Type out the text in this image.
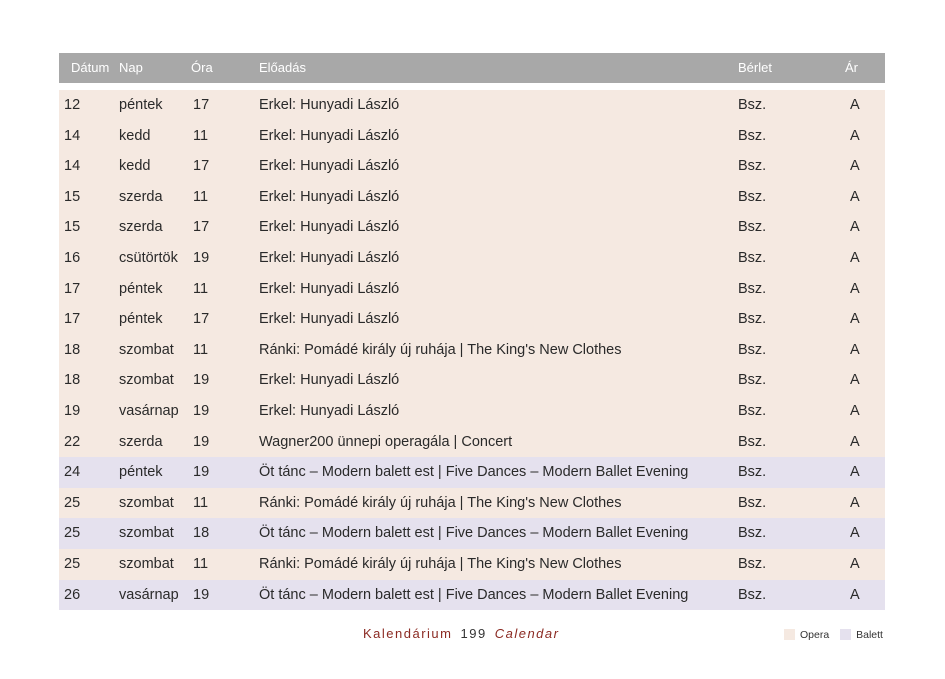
Dátum Nap	Óra	Előadás	Bérlet	Ár
12	péntek 17	Erkel: Hunyadi László	Bsz.	A
14	kedd	11	Erkel: Hunyadi László	Bsz.	A
14	kedd	17	Erkel: Hunyadi László	Bsz.	A
15	szerda 11	Erkel: Hunyadi László	Bsz.	A
15	szerda 17	Erkel: Hunyadi László	Bsz.	A
16	csütörtök 19	Erkel: Hunyadi László	Bsz.	A
17	péntek 11	Erkel: Hunyadi László	Bsz.	A
17	péntek 17	Erkel: Hunyadi László	Bsz.	A
18	szombat 11	Ránki: Pomádé király új ruhája | The King's New Clothes	Bsz.	A
18	szombat 19	Erkel: Hunyadi László	Bsz.	A
19	vasárnap 19	Erkel: Hunyadi László	Bsz.	A
22	szerda 19	Wagner200 ünnepi operagála | Concert	Bsz.	A
24	péntek 19	Öt tánc – Modern balett est | Five Dances – Modern Ballet Evening	Bsz.	A
25	szombat 11	Ránki: Pomádé király új ruhája | The King's New Clothes	Bsz.	A
25	szombat 18	Öt tánc – Modern balett est | Five Dances – Modern Ballet Evening	Bsz.	A
25	szombat 11	Ránki: Pomádé király új ruhája | The King's New Clothes	Bsz.	A
26	vasárnap 19	Öt tánc – Modern balett est | Five Dances – Modern Ballet Evening	Bsz.	A
Kalendárium 199 Calendar	Opera	Balett
